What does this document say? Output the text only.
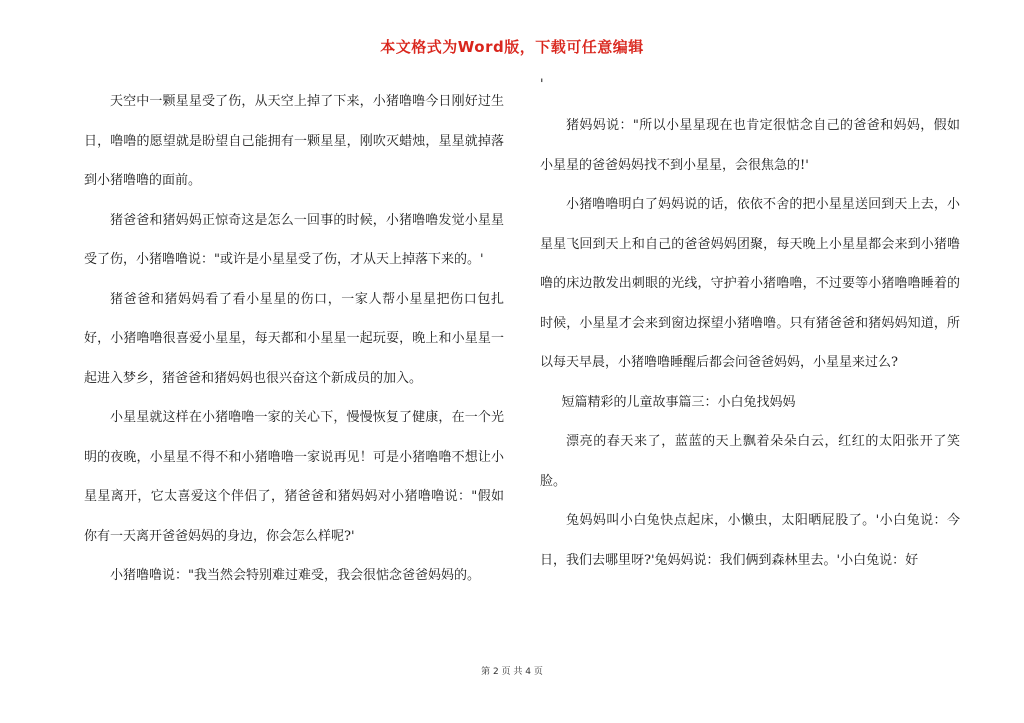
本文格式为Word版，下载可任意编辑

天空中一颗星星受了伤，从天空上掉了下来，小猪噜噜今日刚好过生日，噜噜的愿望就是盼望自己能拥有一颗星星，刚吹灭蜡烛，星星就掉落到小猪噜噜的面前。

猪爸爸和猪妈妈正惊奇这是怎么一回事的时候，小猪噜噜发觉小星星受了伤，小猪噜噜说："或许是小星星受了伤，才从天上掉落下来的。'

猪爸爸和猪妈妈看了看小星星的伤口，一家人帮小星星把伤口包扎好，小猪噜噜很喜爱小星星，每天都和小星星一起玩耍，晚上和小星星一起进入梦乡，猪爸爸和猪妈妈也很兴奋这个新成员的加入。

小星星就这样在小猪噜噜一家的关心下，慢慢恢复了健康，在一个光明的夜晚，小星星不得不和小猪噜噜一家说再见！可是小猪噜噜不想让小星星离开，它太喜爱这个伴侣了，猪爸爸和猪妈妈对小猪噜噜说："假如你有一天离开爸爸妈妈的身边，你会怎么样呢?'

小猪噜噜说："我当然会特别难过难受，我会很惦念爸爸妈妈的。

'

猪妈妈说："所以小星星现在也肯定很惦念自己的爸爸和妈妈，假如小星星的爸爸妈妈找不到小星星，会很焦急的!'

小猪噜噜明白了妈妈说的话，依依不舍的把小星星送回到天上去，小星星飞回到天上和自己的爸爸妈妈团聚，每天晚上小星星都会来到小猪噜噜的床边散发出刺眼的光线，守护着小猪噜噜，不过要等小猪噜噜睡着的时候，小星星才会来到窗边探望小猪噜噜。只有猪爸爸和猪妈妈知道，所以每天早晨，小猪噜噜睡醒后都会问爸爸妈妈，小星星来过么?

短篇精彩的儿童故事篇三：小白兔找妈妈

漂亮的春天来了，蓝蓝的天上飘着朵朵白云，红红的太阳张开了笑脸。

兔妈妈叫小白兔快点起床，小懒虫，太阳晒屁股了。'小白兔说：今日，我们去哪里呀?'兔妈妈说：我们俩到森林里去。'小白兔说：好

第 2 页 共 4 页
